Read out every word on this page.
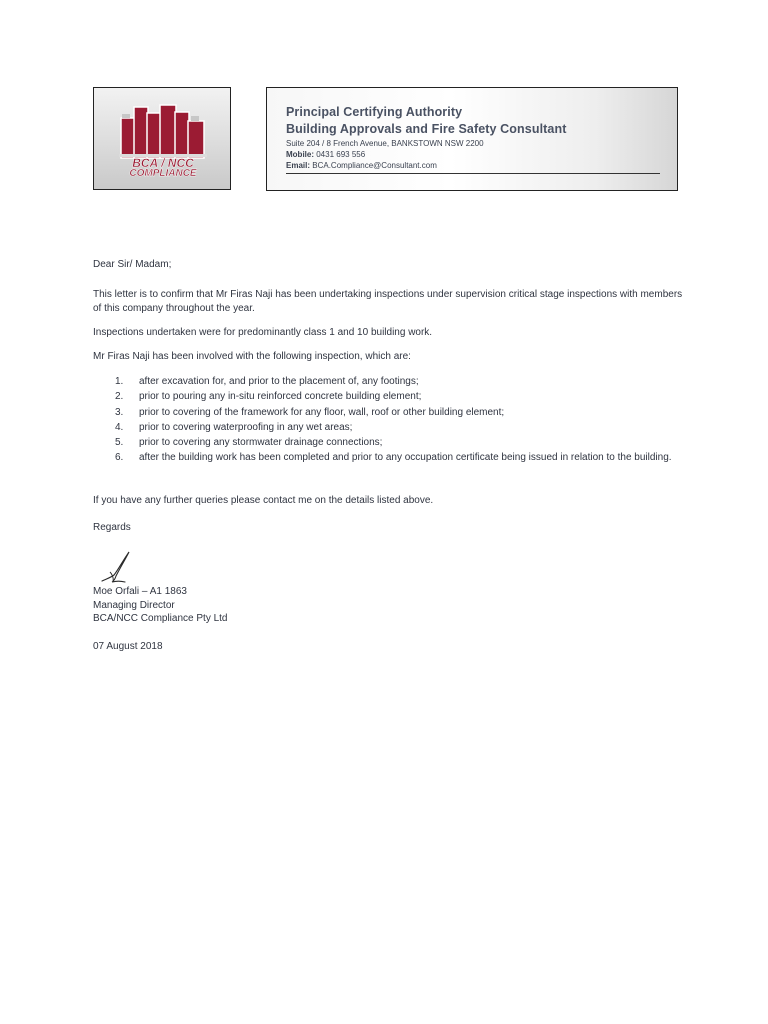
BCA / NCC
COMPLIANCE
Principal Certifying Authority
Building Approvals and Fire Safety Consultant
Suite 204 / 8 French Avenue, BANKSTOWN NSW 2200
Mobile: 0431 693 556
Email: BCA.Compliance@Consultant.com
Dear Sir/ Madam;
This letter is to confirm that Mr Firas Naji has been undertaking inspections under supervision critical stage inspections with members of this company throughout the year.
Inspections undertaken were for predominantly class 1 and 10 building work.
Mr Firas Naji has been involved with the following inspection, which are:
1. after excavation for, and prior to the placement of, any footings;
2. prior to pouring any in-situ reinforced concrete building element;
3. prior to covering of the framework for any floor, wall, roof or other building element;
4. prior to covering waterproofing in any wet areas;
5. prior to covering any stormwater drainage connections;
6. after the building work has been completed and prior to any occupation certificate being issued in relation to the building.
If you have any further queries please contact me on the details listed above.
Regards
Moe Orfali – A1 1863
Managing Director
BCA/NCC Compliance Pty Ltd
07 August 2018
